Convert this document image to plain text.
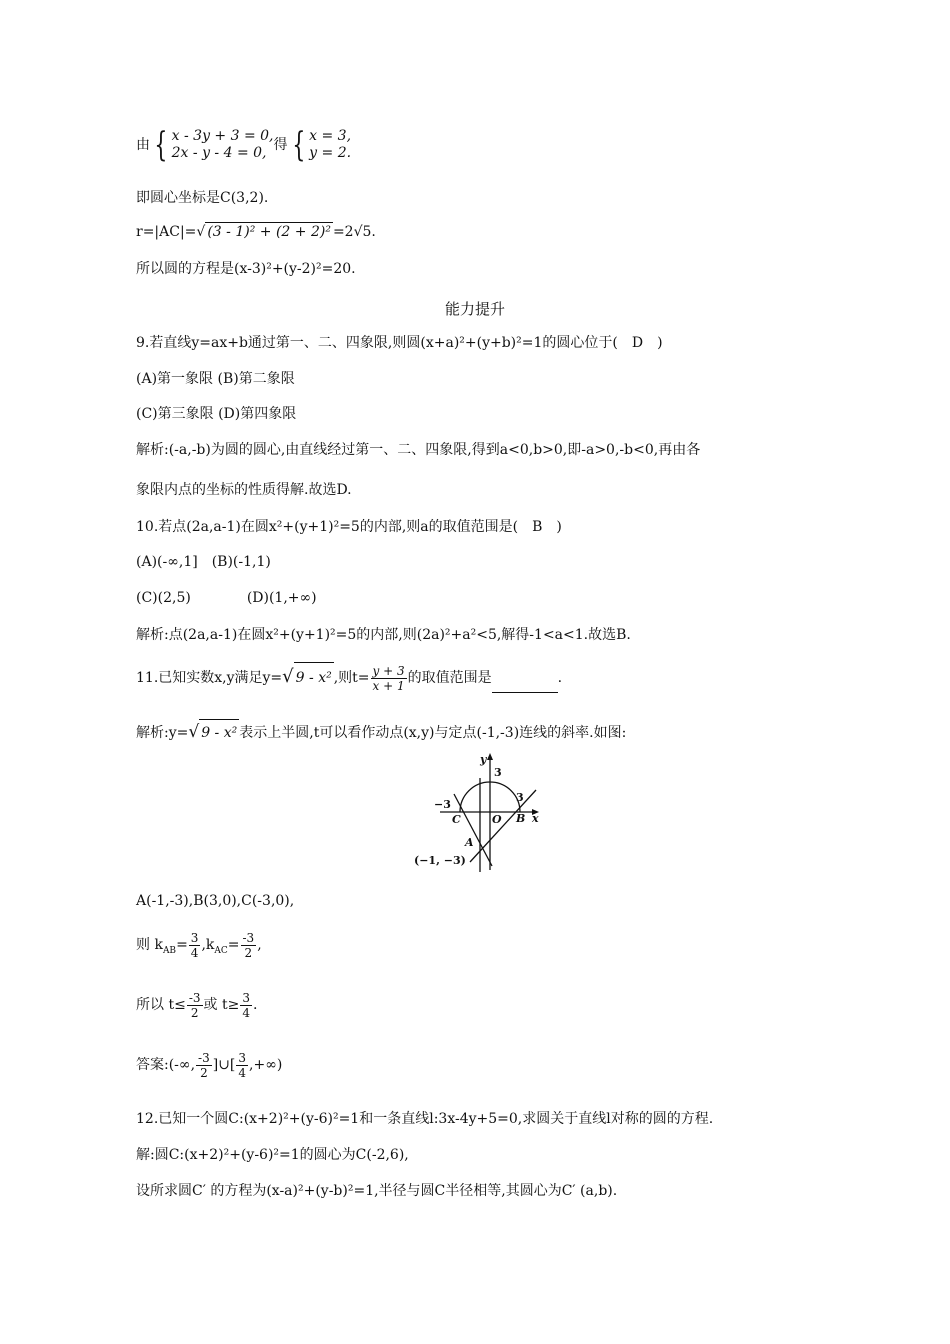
由 { x - 3y + 3 = 0,
2x - y - 4 = 0, 得 { x = 3,
y = 2.
即圆心坐标是C(3,2).
r=|AC|=√ (3 - 1)² + (2 + 2)² =2√5.
所以圆的方程是(x-3)²+(y-2)²=20.
能力提升
9.若直线y=ax+b通过第一、二、四象限,则圆(x+a)²+(y+b)²=1的圆心位于(　D　)
(A)第一象限 (B)第二象限
(C)第三象限 (D)第四象限
解析:(-a,-b)为圆的圆心,由直线经过第一、二、四象限,得到a<0,b>0,即-a>0,-b<0,再由各
象限内点的坐标的性质得解.故选D.
10.若点(2a,a-1)在圆x²+(y+1)²=5的内部,则a的取值范围是(　B　)
(A)(-∞,1]　(B)(-1,1)
(C)(2,5)　　　　(D)(1,+∞)
解析:点(2a,a-1)在圆x²+(y+1)²=5的内部,则(2a)²+a²<5,解得-1<a<1.故选B.
11.已知实数x,y满足y=√ 9 - x² ,则$t= \frac{y + 3}{x + 1}$ 的取值范围是	.
解析:y=√ 9 - x² 表示上半圆,t可以看作动点(x,y)与定点(-1,-3)连线的斜率.如图:
y
x
3
3
−3
C	O B
A
(−1, −3)
A(-1,-3),B(3,0),C(-3,0),
则 $k_{AB}= \frac{3}{4} ,k_{AC}= \frac{-3}{2}$ ,
所以 $t\le \frac{-3}{2}$ 或 $t\ge \frac{3}{4}$ .
答案:(-∞, $\frac{-3}{2}$ ]∪[ $\frac{3}{4}$ ,+∞)
12.已知一个圆C:(x+2)²+(y-6)²=1和一条直线l:3x-4y+5=0,求圆关于直线l对称的圆的方程.
解:圆C:(x+2)²+(y-6)²=1的圆心为C(-2,6),
设所求圆C′ 的方程为(x-a)²+(y-b)²=1,半径与圆C半径相等,其圆心为C′ (a,b).
